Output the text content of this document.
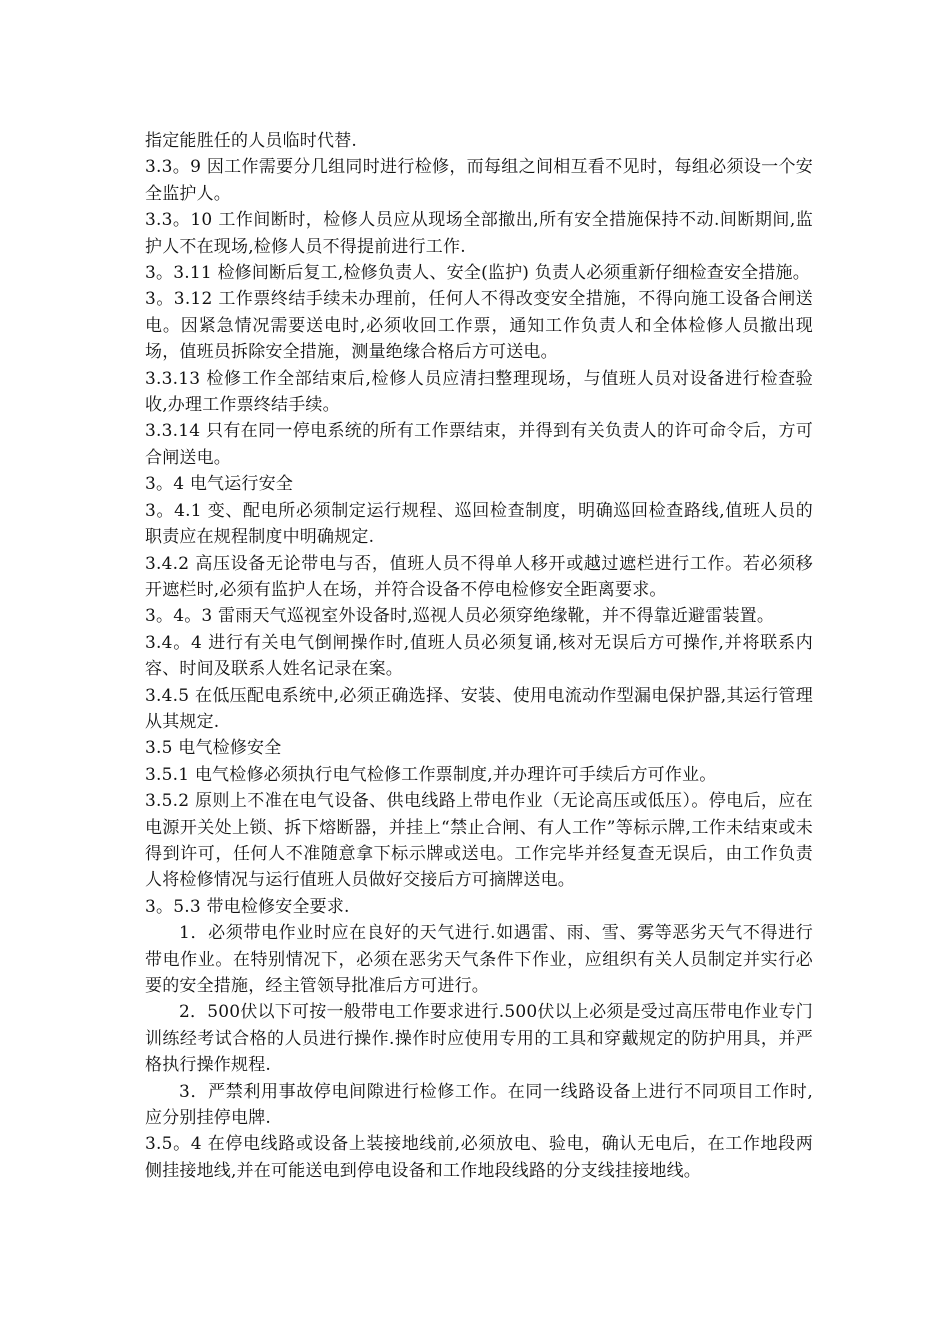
指定能胜任的人员临时代替.

3.3。9 因工作需要分几组同时进行检修，而每组之间相互看不见时，每组必须设一个安全监护人。

3.3。10 工作间断时，检修人员应从现场全部撤出,所有安全措施保持不动.间断期间,监护人不在现场,检修人员不得提前进行工作.

3。3.11 检修间断后复工,检修负责人、安全(监护) 负责人必须重新仔细检查安全措施。

3。3.12 工作票终结手续未办理前，任何人不得改变安全措施，不得向施工设备合闸送电。因紧急情况需要送电时,必须收回工作票，通知工作负责人和全体检修人员撤出现场，值班员拆除安全措施，测量绝缘合格后方可送电。

3.3.13 检修工作全部结束后,检修人员应清扫整理现场，与值班人员对设备进行检查验收,办理工作票终结手续。

3.3.14 只有在同一停电系统的所有工作票结束，并得到有关负责人的许可命令后，方可合闸送电。

3。4 电气运行安全

3。4.1 变、配电所必须制定运行规程、巡回检查制度，明确巡回检查路线,值班人员的职责应在规程制度中明确规定.

3.4.2 高压设备无论带电与否，值班人员不得单人移开或越过遮栏进行工作。若必须移开遮栏时,必须有监护人在场，并符合设备不停电检修安全距离要求。

3。4。3 雷雨天气巡视室外设备时,巡视人员必须穿绝缘靴，并不得靠近避雷装置。

3.4。4 进行有关电气倒闸操作时,值班人员必须复诵,核对无误后方可操作,并将联系内容、时间及联系人姓名记录在案。

3.4.5 在低压配电系统中,必须正确选择、安装、使用电流动作型漏电保护器,其运行管理从其规定.

3.5 电气检修安全

3.5.1 电气检修必须执行电气检修工作票制度,并办理许可手续后方可作业。

3.5.2 原则上不准在电气设备、供电线路上带电作业（无论高压或低压）。停电后，应在电源开关处上锁、拆下熔断器，并挂上“禁止合闸、有人工作”等标示牌,工作未结束或未得到许可，任何人不准随意拿下标示牌或送电。工作完毕并经复查无误后，由工作负责人将检修情况与运行值班人员做好交接后方可摘牌送电。

3。5.3 带电检修安全要求.

1．必须带电作业时应在良好的天气进行.如遇雷、雨、雪、雾等恶劣天气不得进行带电作业。在特别情况下，必须在恶劣天气条件下作业，应组织有关人员制定并实行必要的安全措施，经主管领导批准后方可进行。

2．500伏以下可按一般带电工作要求进行.500伏以上必须是受过高压带电作业专门训练经考试合格的人员进行操作.操作时应使用专用的工具和穿戴规定的防护用具，并严格执行操作规程.

3．严禁利用事故停电间隙进行检修工作。在同一线路设备上进行不同项目工作时,应分别挂停电牌.

3.5。4 在停电线路或设备上装接地线前,必须放电、验电，确认无电后，在工作地段两侧挂接地线,并在可能送电到停电设备和工作地段线路的分支线挂接地线。
